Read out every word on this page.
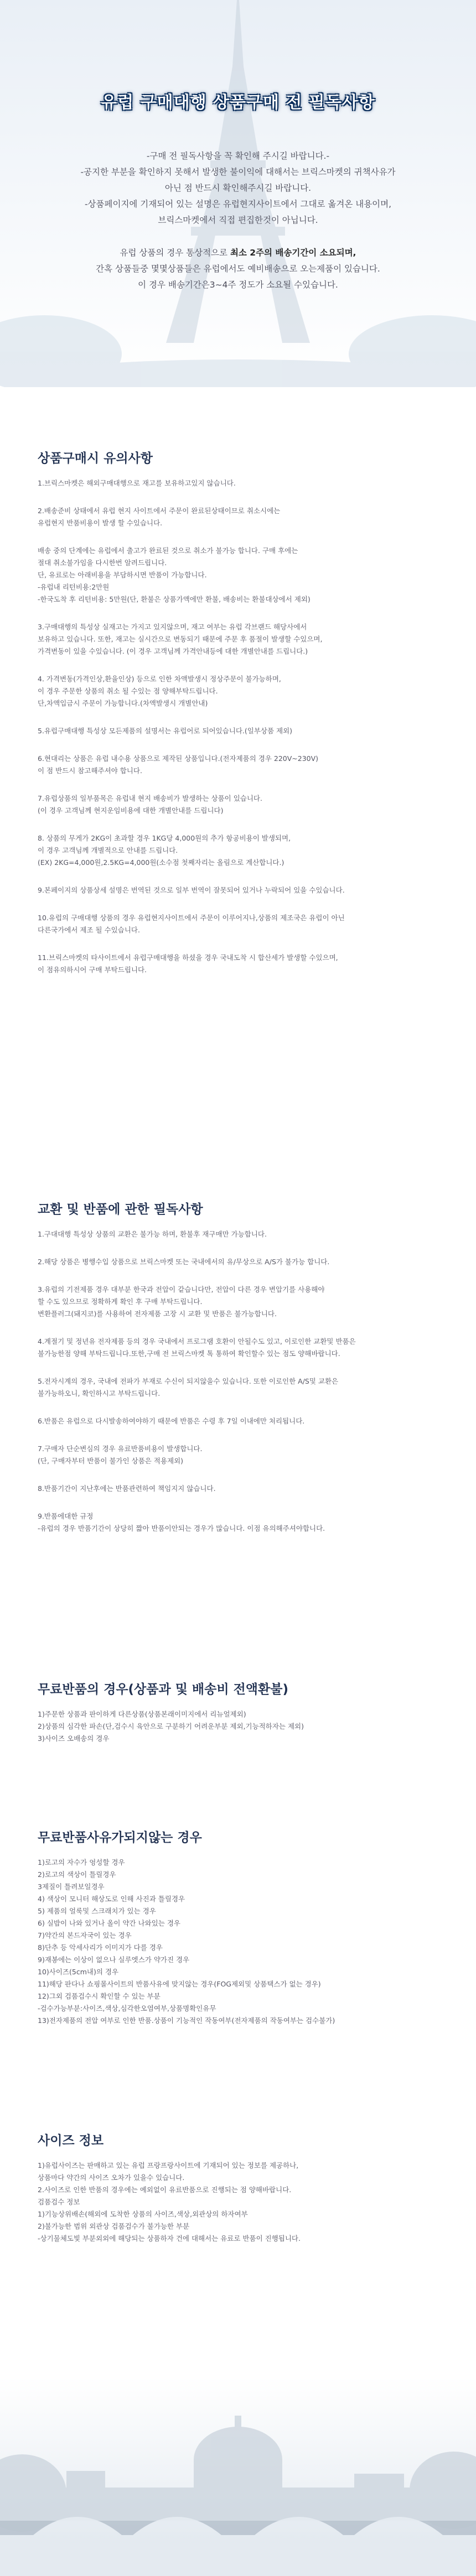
유럽 구매대행 상품구매 전 필독사항

-구매 전 필독사항을 꼭 확인해 주시길 바랍니다.-

-공지한 부분을 확인하지 못해서 발생한 불이익에 대해서는 브릭스마켓의 귀책사유가

아닌 점 반드시 확인해주시길 바랍니다.

-상품페이지에 기재되어 있는 설명은 유럽현지사이트에서 그대로 옮겨온 내용이며,

브릭스마켓에서 직접 편집한것이 아닙니다.

유럽 상품의 경우 통상적으로 최소 2주의 배송기간이 소요되며,

간혹 상품들중 몇몇상품들은 유럽에서도 예비배송으로 오는제품이 있습니다.

이 경우 배송기간은3~4주 정도가 소요될 수있습니다.

상품구매시 유의사항

1.브릭스마켓은 해외구매대행으로 재고를 보유하고있지 않습니다.

2.배송준비 상태에서 유럽 현지 사이트에서 주문이 완료된상태이므로 취소시에는

유럽현지 반품비용이 발생 할 수있습니다.

배송 중의 단계에는 유럽에서 출고가 완료된 것으로 취소가 불가능 합니다. 구매 후에는

절대 취소불가임을 다시한번 알려드립니다.

단, 유료로는 아래비용을 부담하시면 반품이 가능합니다.

-유럽내 리턴비용:2만원

-한국도착 후 리턴비용: 5만원(단, 환불은 상품가액에만 환불, 배송비는 환불대상에서 제외)

3.구매대행의 특성상 실재고는 가지고 있지않으며, 재고 여부는 유럽 각브랜드 해당사에서

보유하고 있습니다. 또한, 재고는 실시간으로 변동되기 때문에 주문 후 품절이 발생할 수있으며,

가격변동이 있을 수있습니다. (이 경우 고객님께 가격안내등에 대한 개별안내를 드립니다.)

4. 가격변동(가격인상,환율인상) 등으로 인한 차액발생시 정상주문이 불가능하며,

이 경우 주문한 상품의 취소 될 수있는 점 양해부탁드립니다.

단,차액입금시 주문이 가능합니다.(차액발생시 개별안내)

5.유럽구매대행 특성상 모든제품의 설명서는 유럽어로 되어있습니다.(일부상품 제외)

6.현대리는 상품은 유럽 내수용 상품으로 제작된 상품입니다.(전자제품의 경우 220V~230V)

이 점 반드시 참고해주셔야 합니다.

7.유럽상품의 일부품목은 유럽내 현지 배송비가 발생하는 상품이 있습니다.

(이 경우 고객님께 현지운임비용에 대한 개별안내를 드립니다)

8. 상품의 무게가 2KG이 초과할 경우 1KG당 4,000원의 추가 항공비용이 발생되며,

이 경우 고객님께 개별적으로 안내를 드립니다.

(EX) 2KG=4,000원,2.5KG=4,000원(소수점 첫째자리는 올림으로 계산합니다.)

9.본페이지의 상품상세 설명은 번역된 것으로 일부 번역이 잘못되어 있거나 누락되어 있을 수있습니다.

10.유럽의 구매대행 상품의 경우 유럽현지사이트에서 주문이 이루어지나,상품의 제조국은 유럽이 아닌

다른국가에서 제조 될 수있습니다.

11.브릭스마켓의 타사이트에서 유럽구매대행을 하셨을 경우 국내도착 시 합산세가 발생할 수있으며,

이 점유의하시어 구매 부탁드립니다.

교환 및 반품에 관한 필독사항

1.구대대행 특성상 상품의 교환은 불가능 하며, 환불후 재구매만 가능합니다.

2.해당 상품은 병행수입 상품으로 브릭스마켓 또는 국내에서의 유/무상으로 A/S가 불가능 합니다.

3.유럽의 기전제품 경우 대부분 한국과 전압이 같습니다만, 전압이 다른 경우 변압기를 사용해야

할 수도 있으므로 정확하게 확인 후 구매 부탁드립니다.

변환플러그(돼지코)를 사용하여 전자제품 고장 시 교환 및 반품은 불가능합니다.

4.계절기 및 정년유 전자제품 등의 경우 국내에서 프로그램 호환이 안될수도 있고, 이로인한 교환및 반품은

불가능한점 양해 부탁드립니다.또한,구매 전 브릭스마켓 톡 통하여 확인할수 있는 점도 양해바랍니다.

5.전자시계의 경우, 국내에 전파가 부재로 수신이 되지않을수 있습니다. 또한 이로인한 A/S및 교환은

불가능하오니, 확인하시고 부탁드립니다.

6.반품은 유럽으로 다시발송하여야하기 때문에 반품은 수령 후 7일 이내에만 처리됩니다.

7.구매자 단순변심의 경우 유료반품비용이 발생합니다.

(단, 구매자부터 반품이 불가인 상품은 적용제외)

8.반품기간이 지난후에는 반품관련하여 책임지지 않습니다.

9.반품에대한 규정

-유럽의 경우 반품기간이 상당히 짧아 반품이안되는 경우가 많습니다. 이점 유의해주셔야합니다.

무료반품의 경우(상품과 및 배송비 전액환불)

1)주문한 상품과 판이하게 다른상품(상품본래이미지에서 리뉴얼제외)

2)상품의 심각한 파손(단,검수시 육안으로 구분하기 어려운부분 제외,기능적하자는 제외)

3)사이즈 오배송의 경우

무료반품사유가되지않는 경우

1)로고의 자수가 엉성할 경우

2)로고의 색상이 틀릴경우

3제질이 틀려보일경우

4) 색상이 모니터 해상도로 인해 사진과 틀릴경우

5) 제품의 얼룩및 스크래치가 있는 경우

6) 실밥이 나와 있거나 올이 약간 나와있는 경우

7)약간의 본드자국이 있는 경우

8)단추 등 악세사리가 이미지가 다를 경우

9)재봉에는 이상이 없으나 실루엣스가 약가진 경우

10)사이즈(5cm내)의 경우

11)해당 판다나 쇼핑몰사이트의 반품사유에 맞지않는 경우(FOG제외및 상품택스가 없는 경우)

12)그외 검품검수시 확인할 수 있는 부분

-검수가능부분:사이즈,색상,심각한오염여부,상품명확인유무

13)전자제품의 전압 여부로 인한 반품.상품이 기능적인 작동여부(전자제품의 작동여부는 검수불가)

사이즈 정보

1)유럽사이즈는 판매하고 있는 유럽 프랑프랑사이트에 기재되어 있는 정보를 제공하나,

상품마다 약간의 사이즈 오차가 있을수 있습니다.

2.사이즈로 인한 반품의 경우에는 예외없이 유료반품으로 진행되는 점 양해바랍니다.

검품검수 정보

1)기능상위배손(해외에 도착한 상품의 사이즈,색상,외관상의 하자여부

2)불가능한 범위 외관상 검품검수가 불가능한 부분

-상기물체도빛 부분외외에 해당되는 상품하자 건에 대해서는 유료로 반품이 진행됩니다.
